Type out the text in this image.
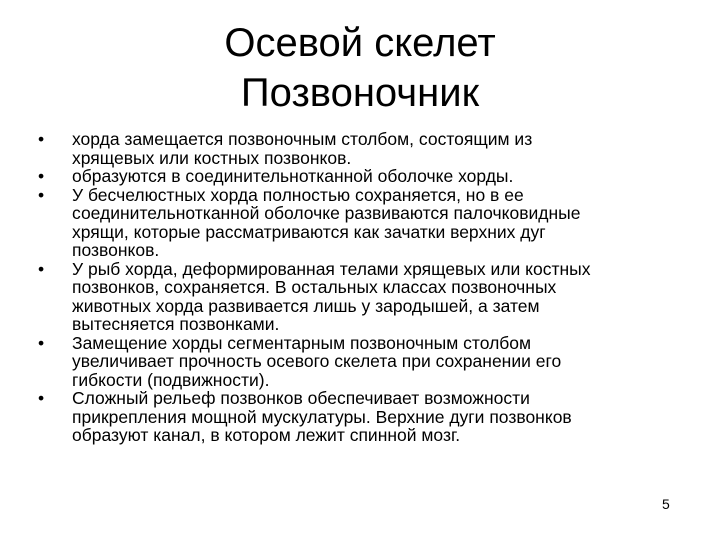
Осевой скелет
Позвоночник
•	хорда замещается позвоночным столбом, состоящим из
хрящевых или костных позвонков.
•	образуются в соединительнотканной оболочке хорды.
•	У бесчелюстных хорда полностью сохраняется, но в ее
соединительнотканной оболочке развиваются палочковидные
хрящи, которые рассматриваются как зачатки верхних дуг
позвонков.
•	У рыб хорда, деформированная телами хрящевых или костных
позвонков, сохраняется. В остальных классах позвоночных
животных хорда развивается лишь у зародышей, а затем
вытесняется позвонками.
•	Замещение хорды сегментарным позвоночным столбом
увеличивает прочность осевого скелета при сохранении его
гибкости (подвижности).
•	Сложный рельеф позвонков обеспечивает возможности
прикрепления мощной мускулатуры. Верхние дуги позвонков
образуют канал, в котором лежит спинной мозг.
5
